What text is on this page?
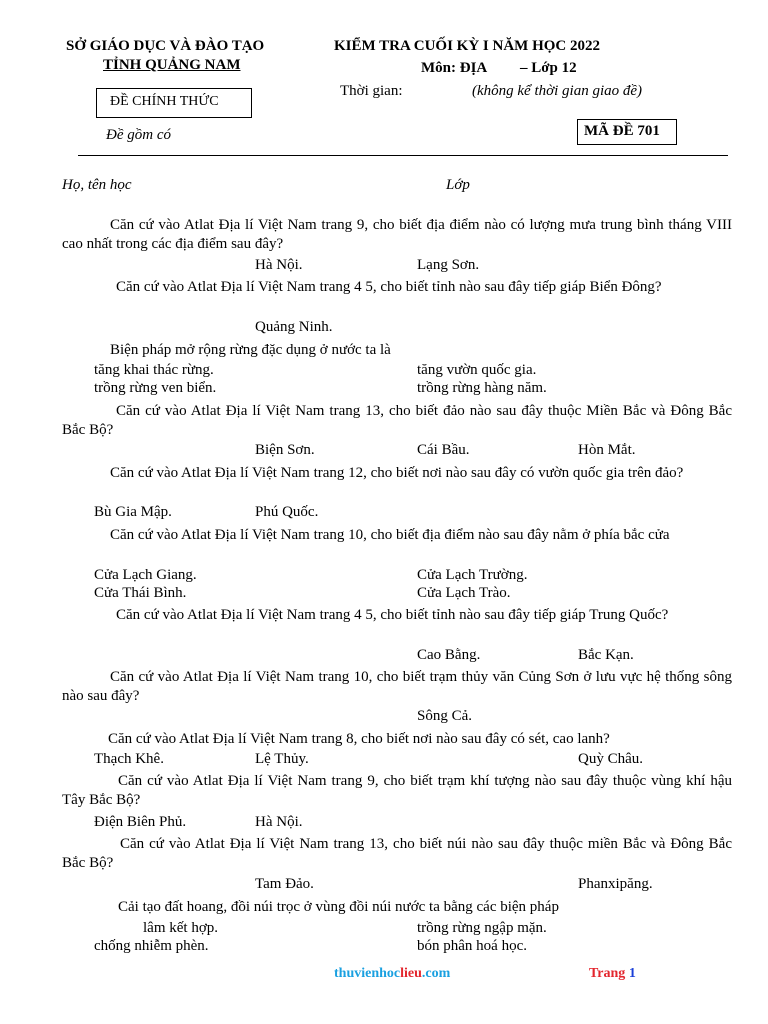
SỞ GIÁO DỤC VÀ ĐÀO TẠO
TỈNH QUẢNG NAM
ĐỀ CHÍNH THỨC
Đề gồm có
KIỂM TRA CUỐI KỲ I NĂM HỌC 2022
Môn: ĐỊA – Lớp 12
Thời gian:	(không kể thời gian giao đề)
MÃ ĐỀ 701
Họ, tên học	Lớp
Căn cứ vào Atlat Địa lí Việt Nam trang 9, cho biết địa điểm nào có lượng mưa trung bình tháng VIII cao nhất trong các địa điểm sau đây?
Hà Nội.	Lạng Sơn.
Căn cứ vào Atlat Địa lí Việt Nam trang 4 5, cho biết tỉnh nào sau đây tiếp giáp Biển Đông?
Quảng Ninh.
Biện pháp mở rộng rừng đặc dụng ở nước ta là
tăng khai thác rừng.	tăng vườn quốc gia.
trồng rừng ven biển.	trồng rừng hàng năm.
Căn cứ vào Atlat Địa lí Việt Nam trang 13, cho biết đảo nào sau đây thuộc Miền Bắc và Đông Bắc Bắc Bộ?
Biện Sơn.	Cái Bầu.	Hòn Mắt.
Căn cứ vào Atlat Địa lí Việt Nam trang 12, cho biết nơi nào sau đây có vườn quốc gia trên đảo?
Bù Gia Mập.	Phú Quốc.
Căn cứ vào Atlat Địa lí Việt Nam trang 10, cho biết địa điểm nào sau đây nằm ở phía bắc cửa
Cửa Lạch Giang.	Cửa Lạch Trường.
Cửa Thái Bình.	Cửa Lạch Trào.
Căn cứ vào Atlat Địa lí Việt Nam trang 4 5, cho biết tỉnh nào sau đây tiếp giáp Trung Quốc?
Cao Bằng.	Bắc Kạn.
Căn cứ vào Atlat Địa lí Việt Nam trang 10, cho biết trạm thủy văn Củng Sơn ở lưu vực hệ thống sông nào sau đây?
Sông Cả.
Căn cứ vào Atlat Địa lí Việt Nam trang 8, cho biết nơi nào sau đây có sét, cao lanh?
Thạch Khê.	Lệ Thủy.	Quỳ Châu.
Căn cứ vào Atlat Địa lí Việt Nam trang 9, cho biết trạm khí tượng nào sau đây thuộc vùng khí hậu Tây Bắc Bộ?
Điện Biên Phủ.	Hà Nội.
Căn cứ vào Atlat Địa lí Việt Nam trang 13, cho biết núi nào sau đây thuộc miền Bắc và Đông Bắc Bắc Bộ?
Tam Đảo.	Phanxipăng.
Cải tạo đất hoang, đồi núi trọc ở vùng đồi núi nước ta bằng các biện pháp
lâm kết hợp.	trồng rừng ngập mặn.
chống nhiễm phèn.	bón phân hoá học.
thuvienhoclieu.com	Trang 1
